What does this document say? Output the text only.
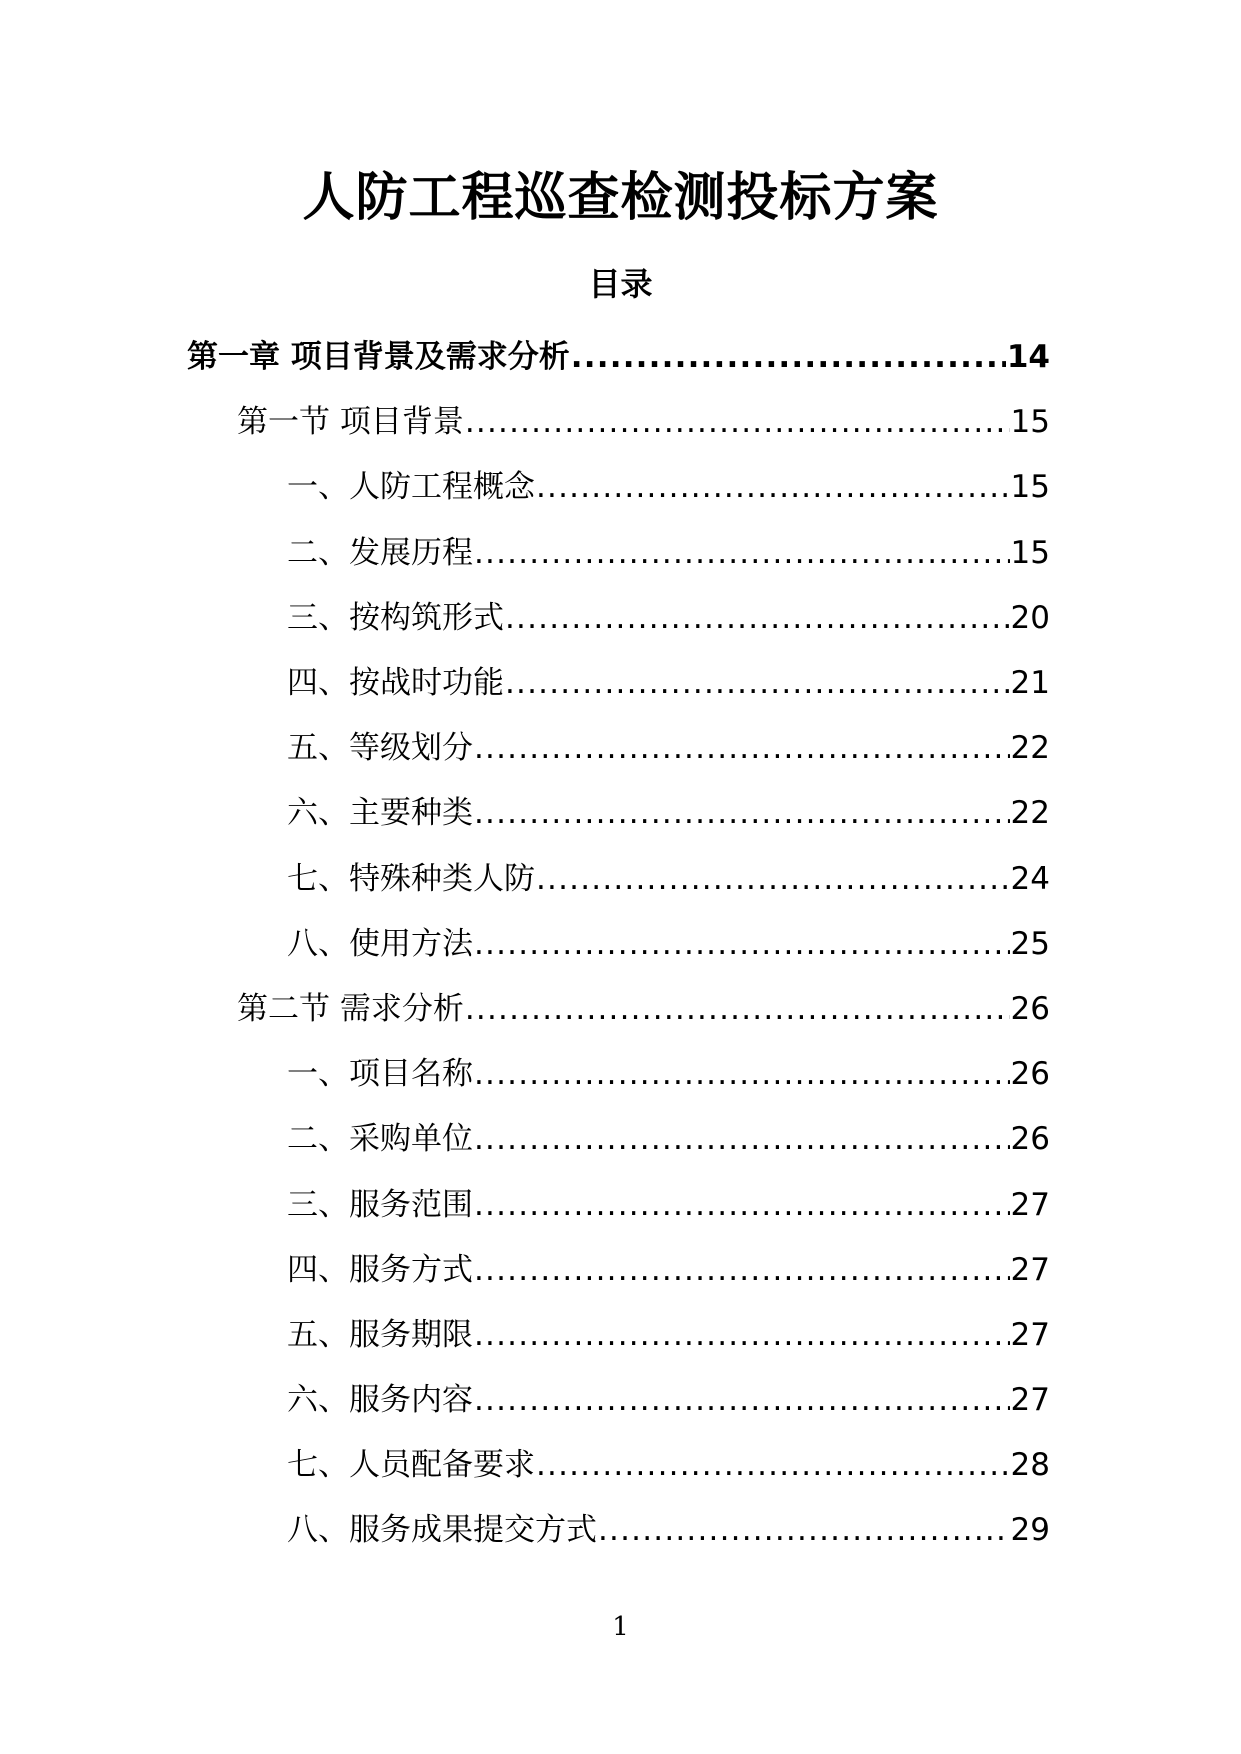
人防工程巡查检测投标方案
目录
第一章 项目背景及需求分析 .....	14
第一节 项目背景 .....	15
一、人防工程概念 .....	15
二、发展历程 .....	15
三、按构筑形式 .....	20
四、按战时功能 .....	21
五、等级划分 .....	22
六、主要种类 .....	22
七、特殊种类人防 .....	24
八、使用方法 .....	25
第二节 需求分析 .....	26
一、项目名称 .....	26
二、采购单位 .....	26
三、服务范围 .....	27
四、服务方式 .....	27
五、服务期限 .....	27
六、服务内容 .....	27
七、人员配备要求 .....	28
八、服务成果提交方式 .....	29
1
